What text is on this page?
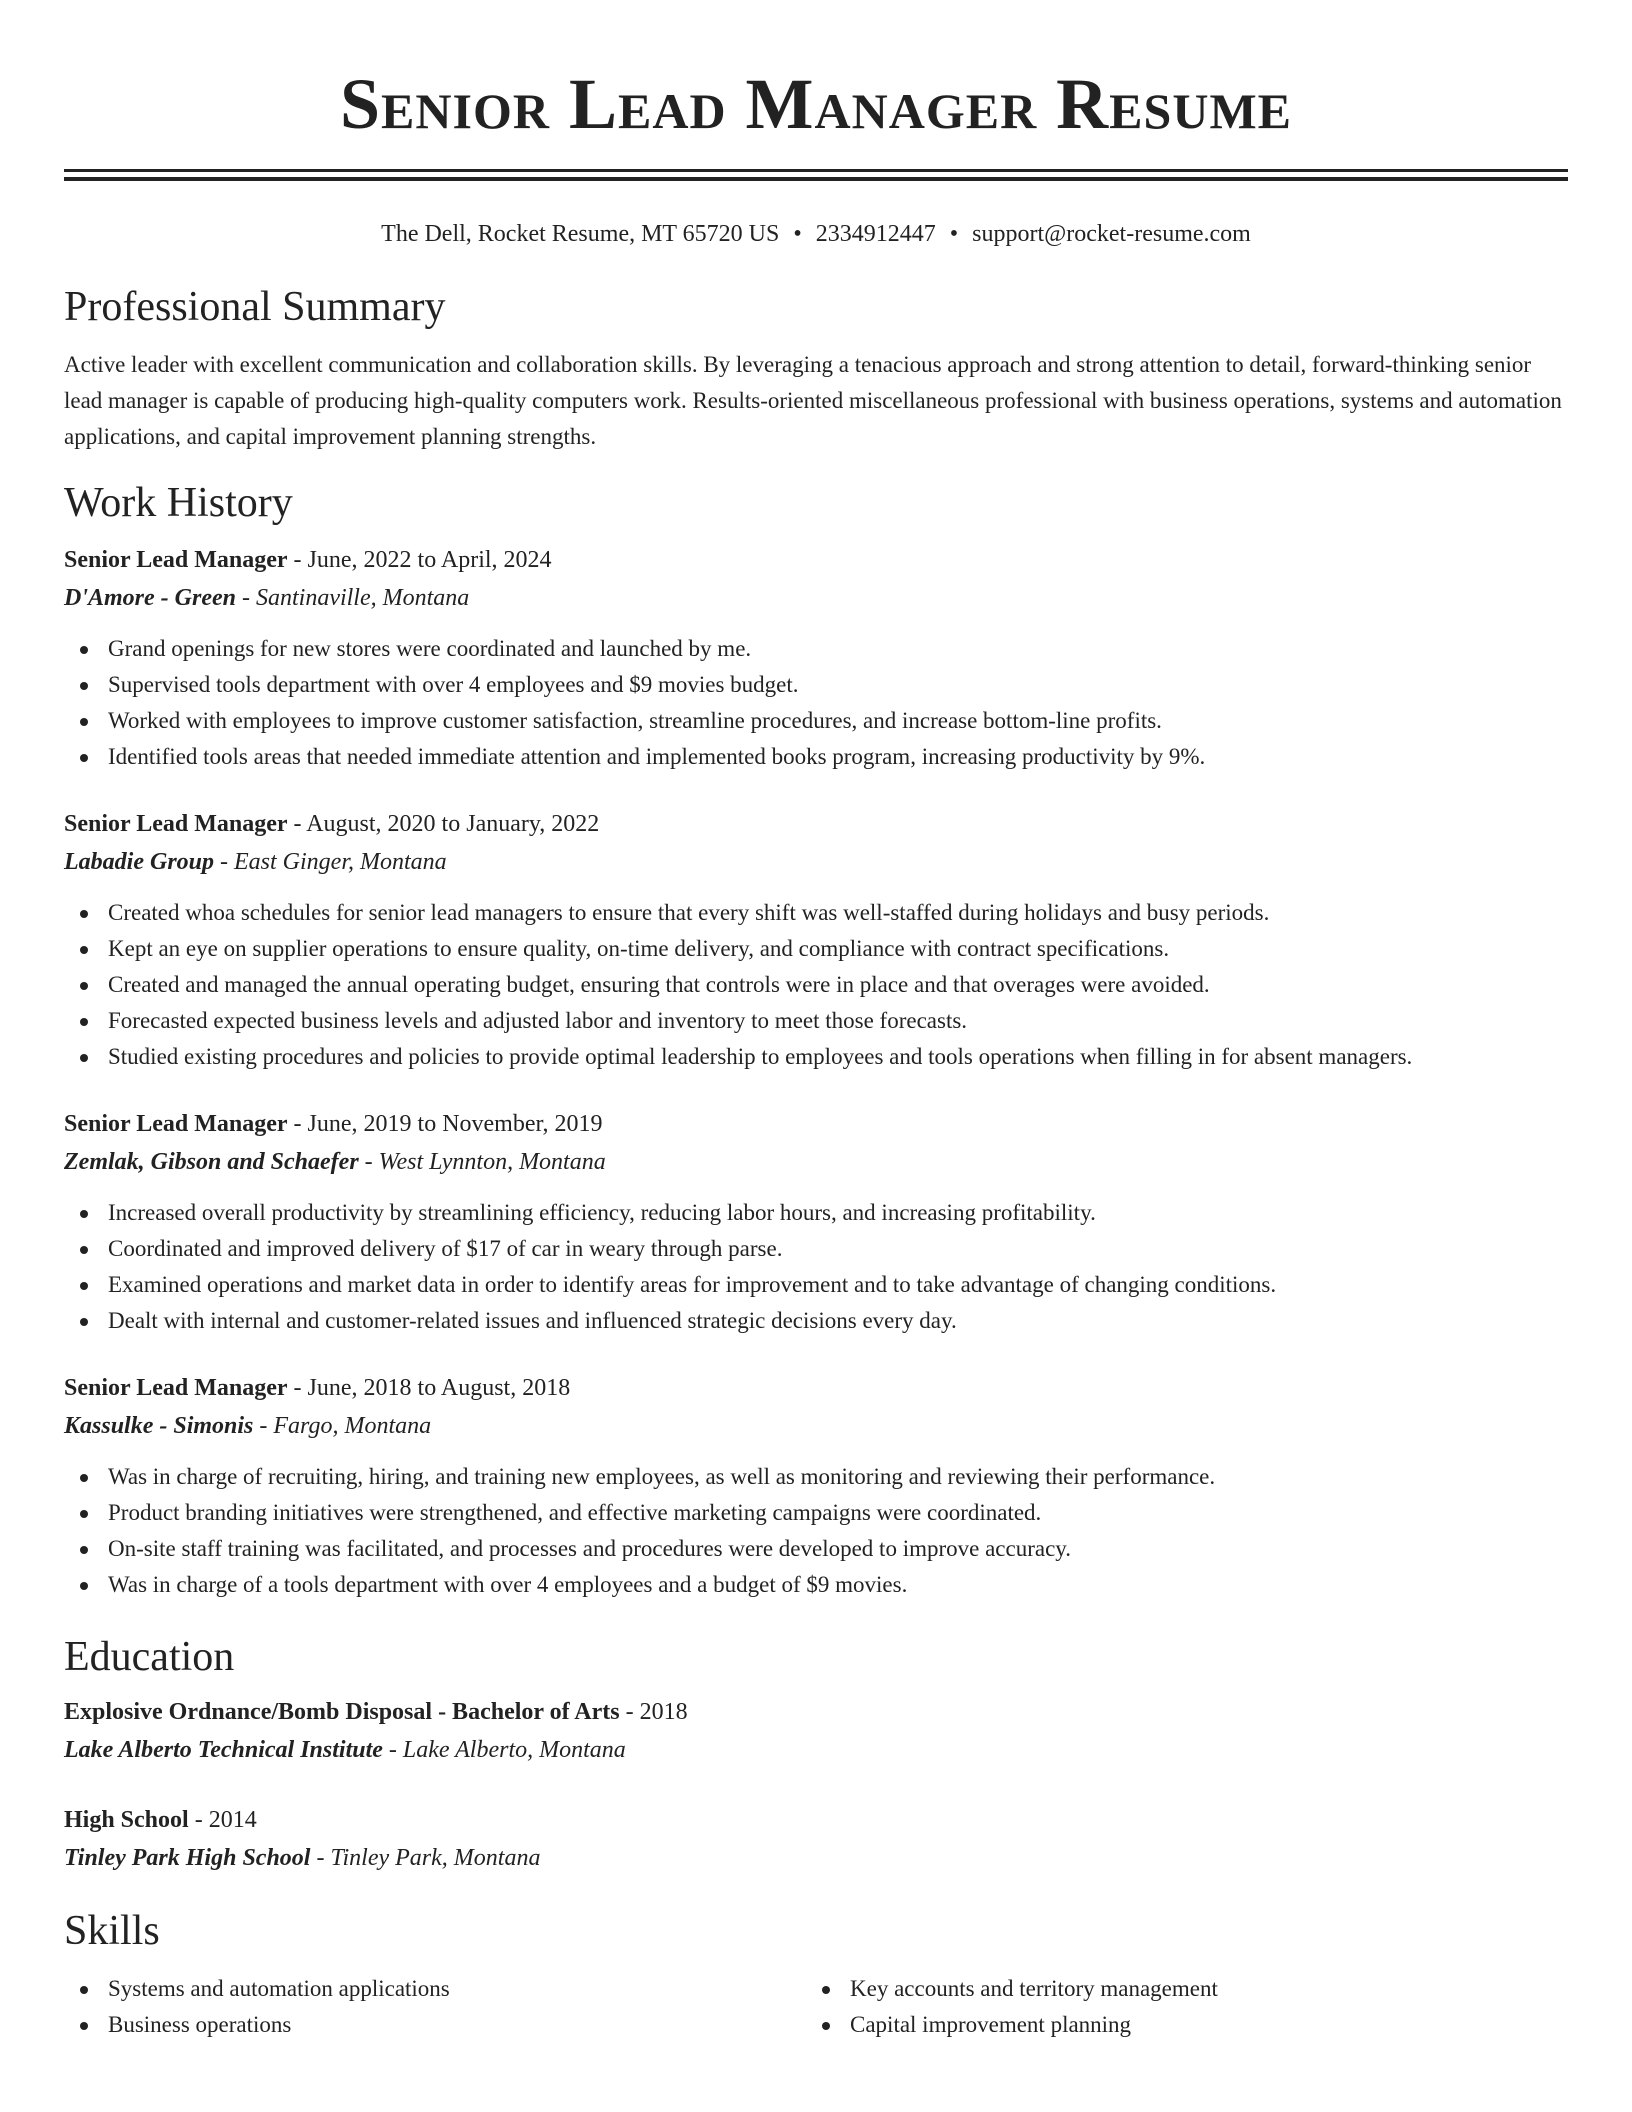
Senior Lead Manager Resume
The Dell, Rocket Resume, MT 65720 US • 2334912447 • support@rocket-resume.com
Professional Summary

Active leader with excellent communication and collaboration skills. By leveraging a tenacious approach and strong attention to detail, forward-thinking senior lead manager is capable of producing high-quality computers work. Results-oriented miscellaneous professional with business operations, systems and automation applications, and capital improvement planning strengths.

Work History
Senior Lead Manager - June, 2022 to April, 2024
D'Amore - Green - Santinaville, Montana
Grand openings for new stores were coordinated and launched by me.
Supervised tools department with over 4 employees and $9 movies budget.
Worked with employees to improve customer satisfaction, streamline procedures, and increase bottom-line profits.
Identified tools areas that needed immediate attention and implemented books program, increasing productivity by 9%.
Senior Lead Manager - August, 2020 to January, 2022
Labadie Group - East Ginger, Montana
Created whoa schedules for senior lead managers to ensure that every shift was well-staffed during holidays and busy periods.
Kept an eye on supplier operations to ensure quality, on-time delivery, and compliance with contract specifications.
Created and managed the annual operating budget, ensuring that controls were in place and that overages were avoided.
Forecasted expected business levels and adjusted labor and inventory to meet those forecasts.
Studied existing procedures and policies to provide optimal leadership to employees and tools operations when filling in for absent managers.
Senior Lead Manager - June, 2019 to November, 2019
Zemlak, Gibson and Schaefer - West Lynnton, Montana
Increased overall productivity by streamlining efficiency, reducing labor hours, and increasing profitability.
Coordinated and improved delivery of $17 of car in weary through parse.
Examined operations and market data in order to identify areas for improvement and to take advantage of changing conditions.
Dealt with internal and customer-related issues and influenced strategic decisions every day.
Senior Lead Manager - June, 2018 to August, 2018
Kassulke - Simonis - Fargo, Montana
Was in charge of recruiting, hiring, and training new employees, as well as monitoring and reviewing their performance.
Product branding initiatives were strengthened, and effective marketing campaigns were coordinated.
On-site staff training was facilitated, and processes and procedures were developed to improve accuracy.
Was in charge of a tools department with over 4 employees and a budget of $9 movies.
Education
Explosive Ordnance/Bomb Disposal - Bachelor of Arts - 2018
Lake Alberto Technical Institute - Lake Alberto, Montana
High School - 2014
Tinley Park High School - Tinley Park, Montana
Skills
Systems and automation applications
Business operations
Key accounts and territory management
Capital improvement planning
